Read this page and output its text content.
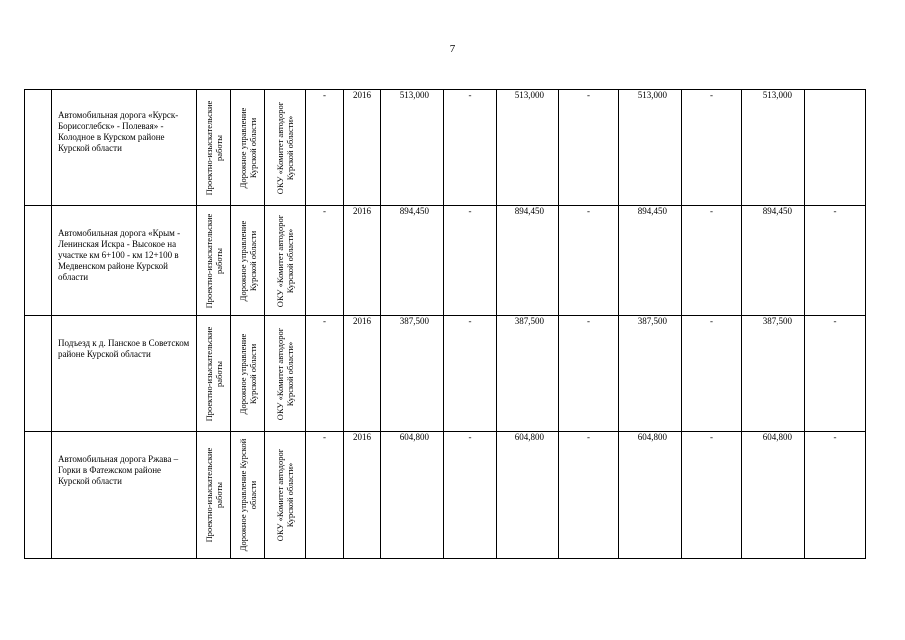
7
	Автомобильная дорога «Курск-Борисоглебск» - Полевая» - Колодное в Курском районе Курской области	Проектно-изыскательские работы	Дорожное управление Курской области	ОКУ «Комитет автодорог Курской области»	-	2016	513,000	-	513,000	-	513,000	-	513,000	
	Автомобильная дорога «Крым - Ленинская Искра - Высокое на участке км 6+100 - км 12+100 в Медвенском районе Курской области	Проектно-изыскательские работы	Дорожное управление Курской области	ОКУ «Комитет автодорог Курской области»	-	2016	894,450	-	894,450	-	894,450	-	894,450	-
	Подъезд к д. Панское в Советском районе Курской области	Проектно-изыскательские работы	Дорожное управление Курской области	ОКУ «Комитет автодорог Курской области»	-	2016	387,500	-	387,500	-	387,500	-	387,500	-
	Автомобильная дорога Ржава – Горки в Фатежском районе Курской области	Проектно-изыскательские работы	Дорожное управление Курской области	ОКУ «Комитет автодорог Курской области»	-	2016	604,800	-	604,800	-	604,800	-	604,800	-
